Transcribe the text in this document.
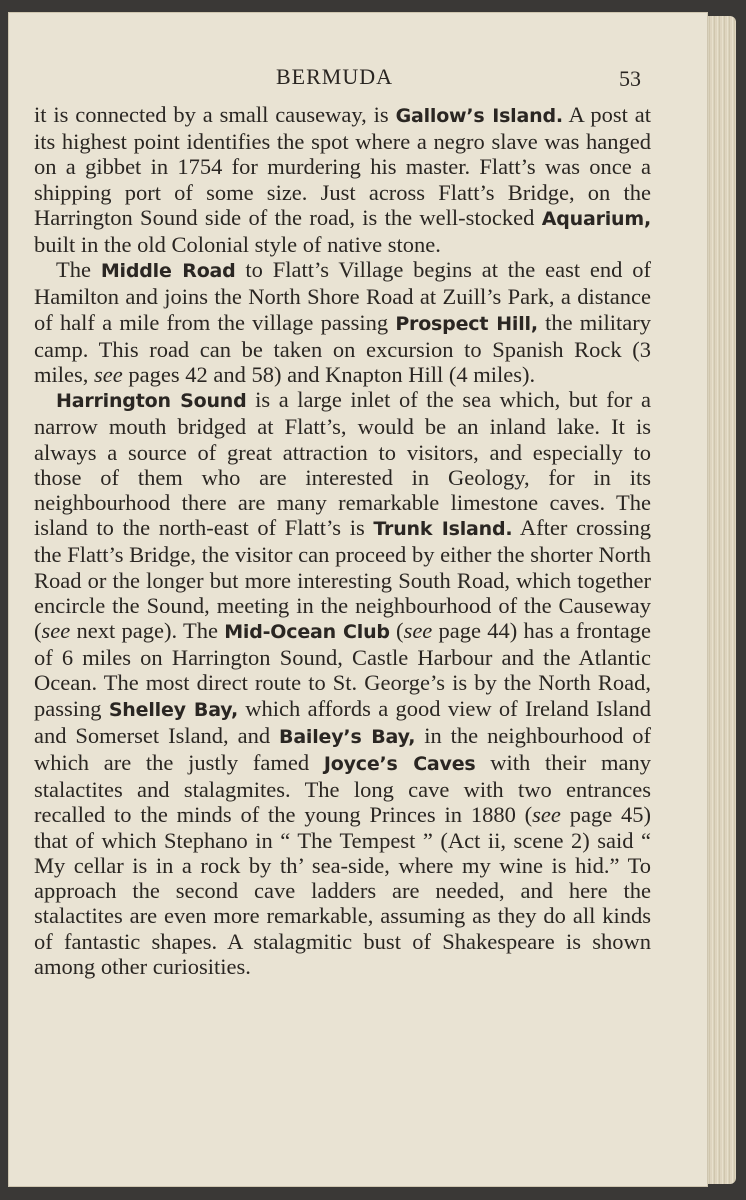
BERMUDA	53

it is connected by a small causeway, is Gallow’s Island. A post at its highest point identifies the spot where a negro slave was hanged on a gibbet in 1754 for murdering his master. Flatt’s was once a shipping port of some size. Just across Flatt’s Bridge, on the Harrington Sound side of the road, is the well-stocked Aquarium, built in the old Colonial style of native stone.

The Middle Road to Flatt’s Village begins at the east end of Hamilton and joins the North Shore Road at Zuill’s Park, a distance of half a mile from the village passing Prospect Hill, the military camp. This road can be taken on excursion to Spanish Rock (3 miles, see pages 42 and 58) and Knapton Hill (4 miles).

Harrington Sound is a large inlet of the sea which, but for a narrow mouth bridged at Flatt’s, would be an inland lake. It is always a source of great attraction to visitors, and especially to those of them who are interested in Geology, for in its neighbourhood there are many remarkable limestone caves. The island to the north-east of Flatt’s is Trunk Island. After crossing the Flatt’s Bridge, the visitor can proceed by either the shorter North Road or the longer but more interesting South Road, which together encircle the Sound, meeting in the neighbourhood of the Causeway (see next page). The Mid-Ocean Club (see page 44) has a frontage of 6 miles on Harrington Sound, Castle Harbour and the Atlantic Ocean. The most direct route to St. George’s is by the North Road, passing Shelley Bay, which affords a good view of Ireland Island and Somerset Island, and Bailey’s Bay, in the neighbourhood of which are the justly famed Joyce’s Caves with their many stalactites and stalagmites. The long cave with two entrances recalled to the minds of the young Princes in 1880 (see page 45) that of which Stephano in “ The Tempest ” (Act ii, scene 2) said “ My cellar is in a rock by th’ sea-side, where my wine is hid.” To approach the second cave ladders are needed, and here the stalactites are even more remarkable, assuming as they do all kinds of fantastic shapes. A stalagmitic bust of Shakespeare is shown among other curiosities.
